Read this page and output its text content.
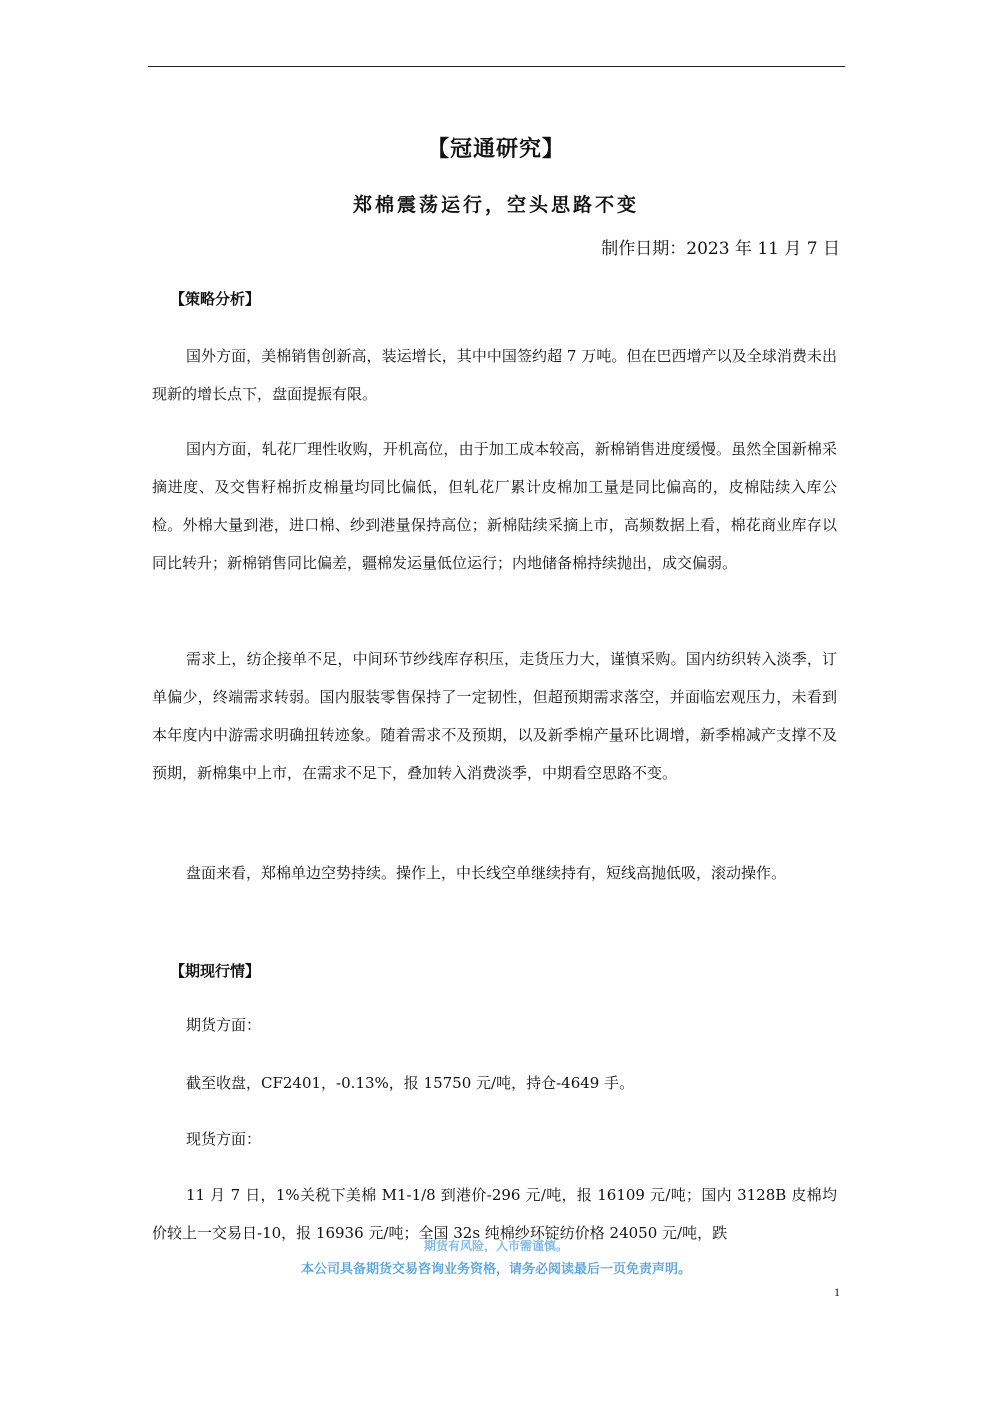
【冠通研究】
郑棉震荡运行，空头思路不变
制作日期：2023 年 11 月 7 日
【策略分析】
国外方面，美棉销售创新高，装运增长，其中中国签约超 7 万吨。但在巴西增产以及全球消费未出现新的增长点下，盘面提振有限。
国内方面，轧花厂理性收购，开机高位，由于加工成本较高，新棉销售进度缓慢。虽然全国新棉采摘进度、及交售籽棉折皮棉量均同比偏低，但轧花厂累计皮棉加工量是同比偏高的，皮棉陆续入库公检。外棉大量到港，进口棉、纱到港量保持高位；新棉陆续采摘上市，高频数据上看，棉花商业库存以同比转升；新棉销售同比偏差，疆棉发运量低位运行；内地储备棉持续抛出，成交偏弱。
需求上，纺企接单不足，中间环节纱线库存积压，走货压力大，谨慎采购。国内纺织转入淡季，订单偏少，终端需求转弱。国内服装零售保持了一定韧性，但超预期需求落空，并面临宏观压力，未看到本年度内中游需求明确扭转迹象。随着需求不及预期，以及新季棉产量环比调增，新季棉减产支撑不及预期，新棉集中上市，在需求不足下，叠加转入消费淡季，中期看空思路不变。
盘面来看，郑棉单边空势持续。操作上，中长线空单继续持有，短线高抛低吸，滚动操作。
【期现行情】
期货方面：
截至收盘，CF2401，-0.13%，报 15750 元/吨，持仓-4649 手。
现货方面：
11 月 7 日，1%关税下美棉 M1-1/8 到港价-296 元/吨，报 16109 元/吨；国内 3128B 皮棉均价较上一交易日-10，报 16936 元/吨；全国 32s 纯棉纱环锭纺价格 24050 元/吨，跌
期货有风险，入市需谨慎。
本公司具备期货交易咨询业务资格，请务必阅读最后一页免责声明。
1
